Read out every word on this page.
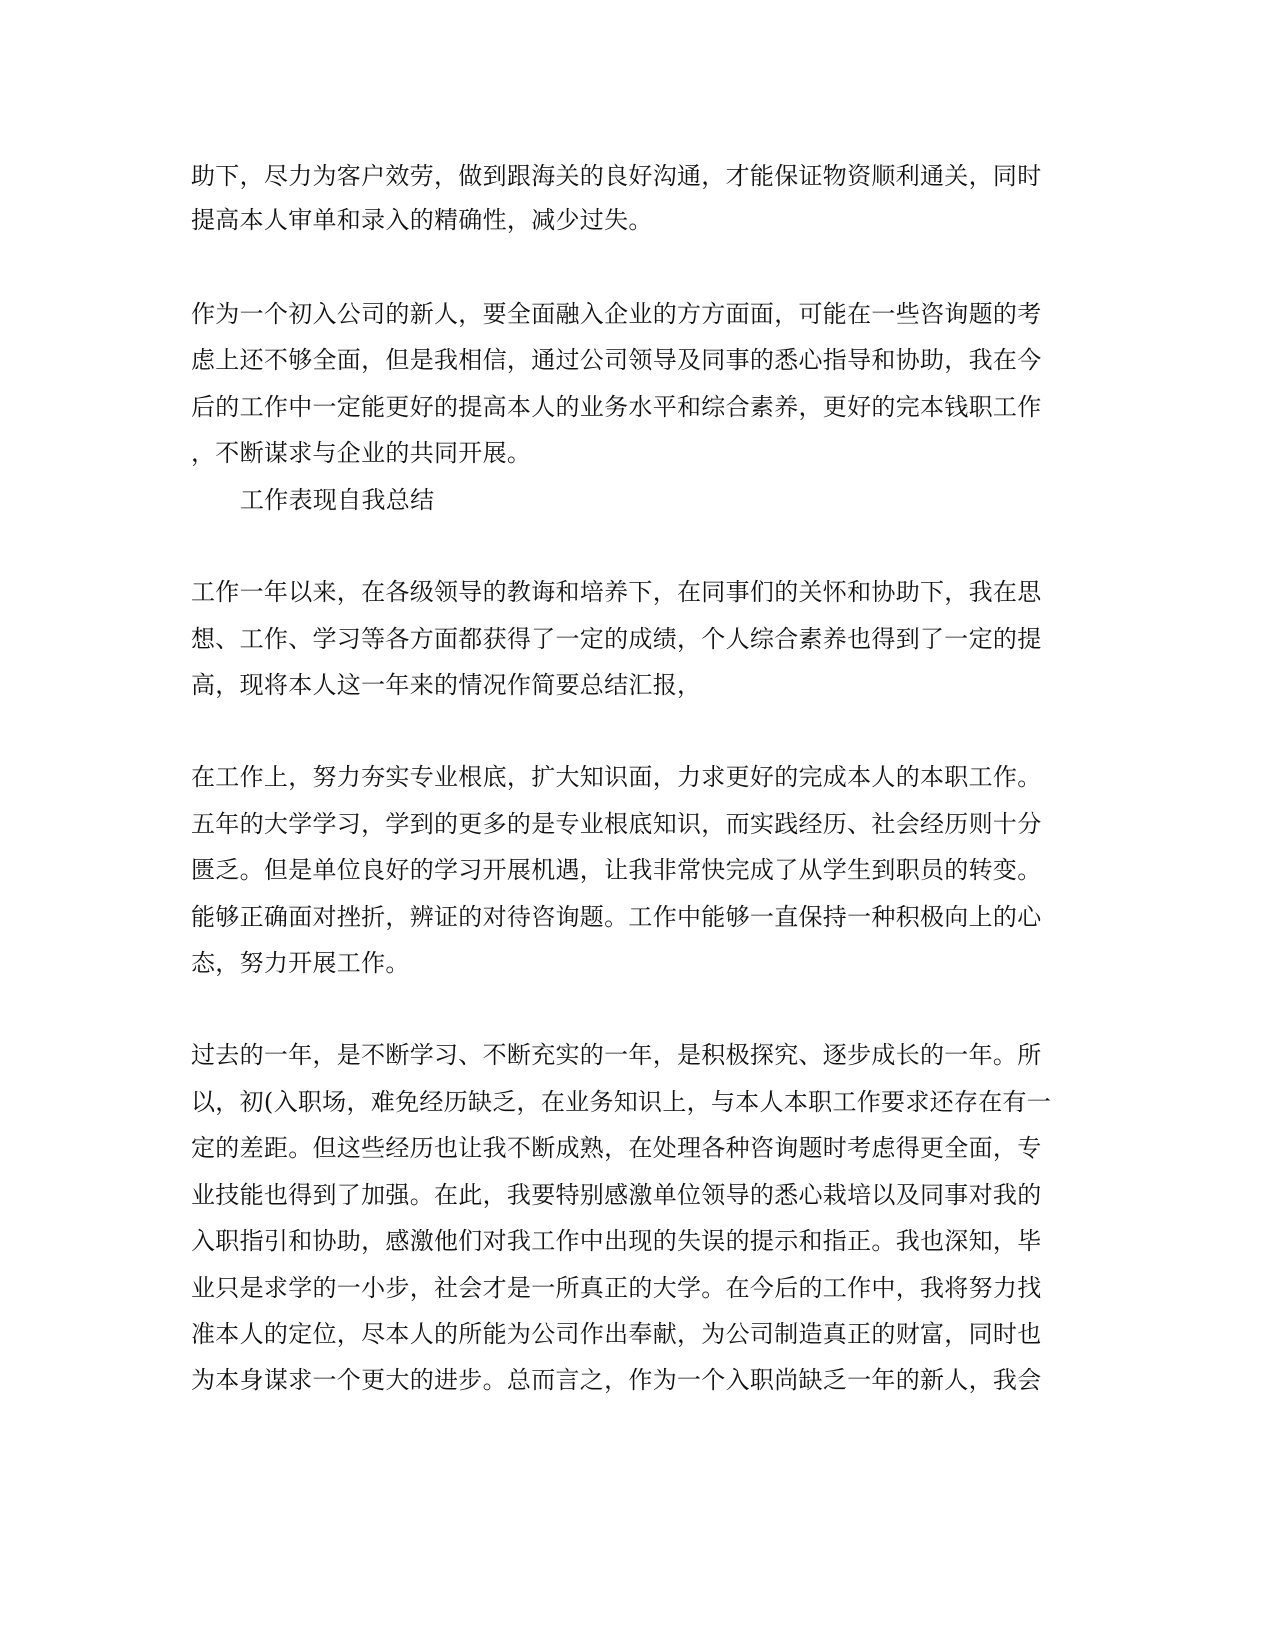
助下，尽力为客户效劳，做到跟海关的良好沟通，才能保证物资顺利通关，同时
提高本人审单和录入的精确性，减少过失。
作为一个初入公司的新人，要全面融入企业的方方面面，可能在一些咨询题的考
虑上还不够全面，但是我相信，通过公司领导及同事的悉心指导和协助，我在今
后的工作中一定能更好的提高本人的业务水平和综合素养，更好的完本钱职工作
，不断谋求与企业的共同开展。
工作表现自我总结
工作一年以来，在各级领导的教诲和培养下，在同事们的关怀和协助下，我在思
想、工作、学习等各方面都获得了一定的成绩，个人综合素养也得到了一定的提
高，现将本人这一年来的情况作简要总结汇报，
在工作上，努力夯实专业根底，扩大知识面，力求更好的完成本人的本职工作。
五年的大学学习，学到的更多的是专业根底知识，而实践经历、社会经历则十分
匮乏。但是单位良好的学习开展机遇，让我非常快完成了从学生到职员的转变。
能够正确面对挫折，辨证的对待咨询题。工作中能够一直保持一种积极向上的心
态，努力开展工作。
过去的一年，是不断学习、不断充实的一年，是积极探究、逐步成长的一年。所
以，初(入职场，难免经历缺乏，在业务知识上，与本人本职工作要求还存在有一
定的差距。但这些经历也让我不断成熟，在处理各种咨询题时考虑得更全面，专
业技能也得到了加强。在此，我要特别感激单位领导的悉心栽培以及同事对我的
入职指引和协助，感激他们对我工作中出现的失误的提示和指正。我也深知，毕
业只是求学的一小步，社会才是一所真正的大学。在今后的工作中，我将努力找
准本人的定位，尽本人的所能为公司作出奉献，为公司制造真正的财富，同时也
为本身谋求一个更大的进步。总而言之，作为一个入职尚缺乏一年的新人，我会
